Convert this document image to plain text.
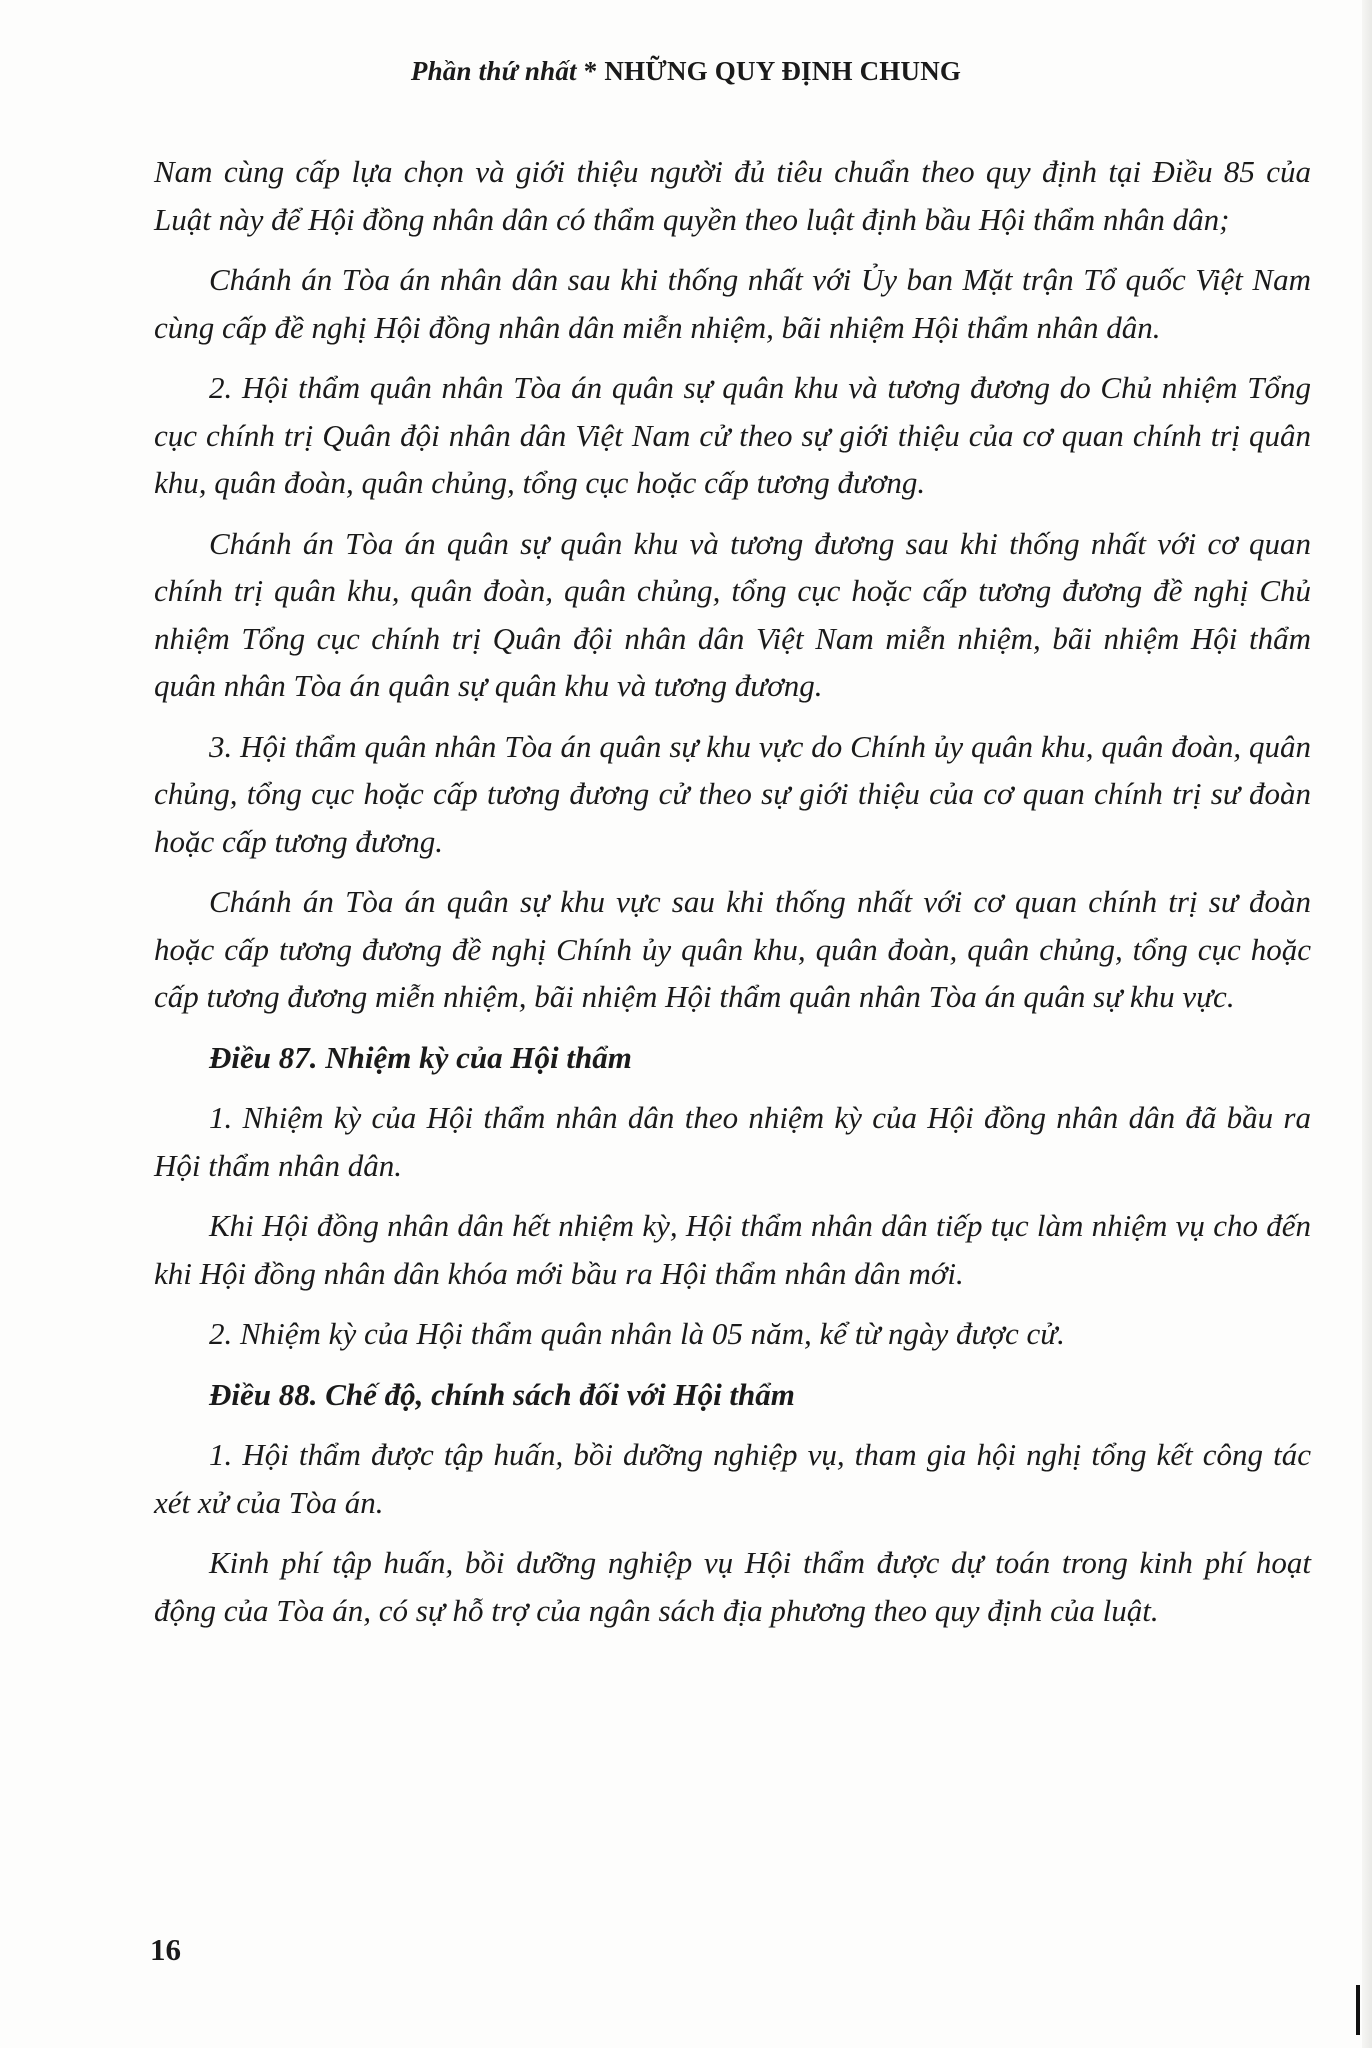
Phần thứ nhất * NHỮNG QUY ĐỊNH CHUNG

Nam cùng cấp lựa chọn và giới thiệu người đủ tiêu chuẩn theo quy định tại Điều 85 của Luật này để Hội đồng nhân dân có thẩm quyền theo luật định bầu Hội thẩm nhân dân;

Chánh án Tòa án nhân dân sau khi thống nhất với Ủy ban Mặt trận Tổ quốc Việt Nam cùng cấp đề nghị Hội đồng nhân dân miễn nhiệm, bãi nhiệm Hội thẩm nhân dân.

2. Hội thẩm quân nhân Tòa án quân sự quân khu và tương đương do Chủ nhiệm Tổng cục chính trị Quân đội nhân dân Việt Nam cử theo sự giới thiệu của cơ quan chính trị quân khu, quân đoàn, quân chủng, tổng cục hoặc cấp tương đương.

Chánh án Tòa án quân sự quân khu và tương đương sau khi thống nhất với cơ quan chính trị quân khu, quân đoàn, quân chủng, tổng cục hoặc cấp tương đương đề nghị Chủ nhiệm Tổng cục chính trị Quân đội nhân dân Việt Nam miễn nhiệm, bãi nhiệm Hội thẩm quân nhân Tòa án quân sự quân khu và tương đương.

3. Hội thẩm quân nhân Tòa án quân sự khu vực do Chính ủy quân khu, quân đoàn, quân chủng, tổng cục hoặc cấp tương đương cử theo sự giới thiệu của cơ quan chính trị sư đoàn hoặc cấp tương đương.

Chánh án Tòa án quân sự khu vực sau khi thống nhất với cơ quan chính trị sư đoàn hoặc cấp tương đương đề nghị Chính ủy quân khu, quân đoàn, quân chủng, tổng cục hoặc cấp tương đương miễn nhiệm, bãi nhiệm Hội thẩm quân nhân Tòa án quân sự khu vực.

Điều 87. Nhiệm kỳ của Hội thẩm

1. Nhiệm kỳ của Hội thẩm nhân dân theo nhiệm kỳ của Hội đồng nhân dân đã bầu ra Hội thẩm nhân dân.

Khi Hội đồng nhân dân hết nhiệm kỳ, Hội thẩm nhân dân tiếp tục làm nhiệm vụ cho đến khi Hội đồng nhân dân khóa mới bầu ra Hội thẩm nhân dân mới.

2. Nhiệm kỳ của Hội thẩm quân nhân là 05 năm, kể từ ngày được cử.

Điều 88. Chế độ, chính sách đối với Hội thẩm

1. Hội thẩm được tập huấn, bồi dưỡng nghiệp vụ, tham gia hội nghị tổng kết công tác xét xử của Tòa án.

Kinh phí tập huấn, bồi dưỡng nghiệp vụ Hội thẩm được dự toán trong kinh phí hoạt động của Tòa án, có sự hỗ trợ của ngân sách địa phương theo quy định của luật.

16
